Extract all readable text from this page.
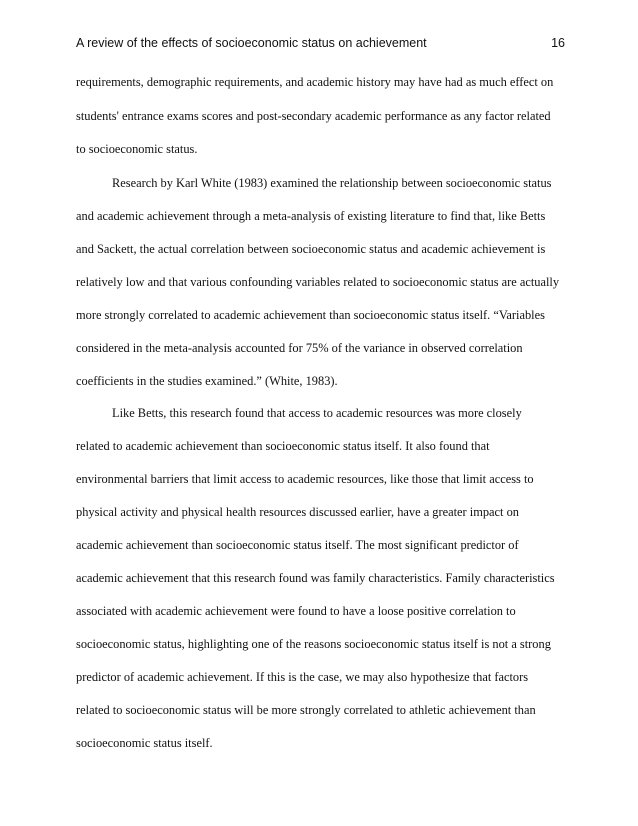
A review of the effects of socioeconomic status on achievement	16
requirements, demographic requirements, and academic history may have had as much effect on
students' entrance exams scores and post-secondary academic performance as any factor related
to socioeconomic status.
Research by Karl White (1983) examined the relationship between socioeconomic status
and academic achievement through a meta-analysis of existing literature to find that, like Betts
and Sackett, the actual correlation between socioeconomic status and academic achievement is
relatively low and that various confounding variables related to socioeconomic status are actually
more strongly correlated to academic achievement than socioeconomic status itself. “Variables
considered in the meta-analysis accounted for 75% of the variance in observed correlation
coefficients in the studies examined.” (White, 1983).
Like Betts, this research found that access to academic resources was more closely
related to academic achievement than socioeconomic status itself. It also found that
environmental barriers that limit access to academic resources, like those that limit access to
physical activity and physical health resources discussed earlier, have a greater impact on
academic achievement than socioeconomic status itself. The most significant predictor of
academic achievement that this research found was family characteristics. Family characteristics
associated with academic achievement were found to have a loose positive correlation to
socioeconomic status, highlighting one of the reasons socioeconomic status itself is not a strong
predictor of academic achievement. If this is the case, we may also hypothesize that factors
related to socioeconomic status will be more strongly correlated to athletic achievement than
socioeconomic status itself.
